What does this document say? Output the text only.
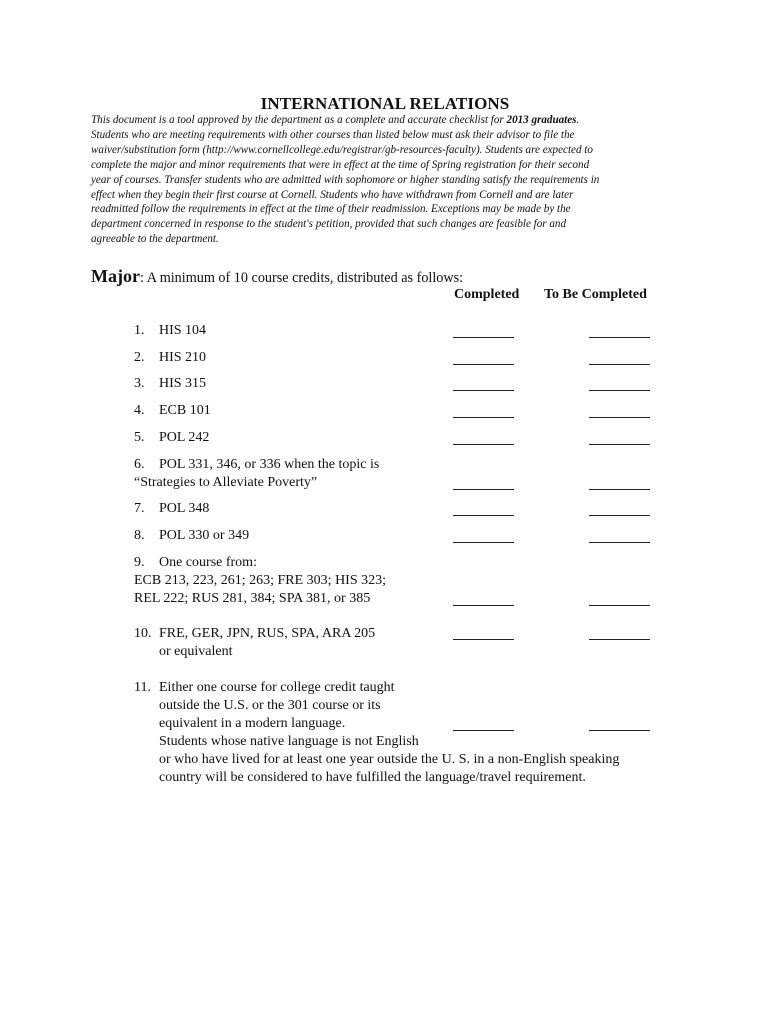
INTERNATIONAL RELATIONS
This document is a tool approved by the department as a complete and accurate checklist for 2013 graduates.
Students who are meeting requirements with other courses than listed below must ask their advisor to file the
waiver/substitution form (http://www.cornellcollege.edu/registrar/gb-resources-faculty). Students are expected to
complete the major and minor requirements that were in effect at the time of Spring registration for their second
year of courses. Transfer students who are admitted with sophomore or higher standing satisfy the requirements in
effect when they begin their first course at Cornell. Students who have withdrawn from Cornell and are later
readmitted follow the requirements in effect at the time of their readmission. Exceptions may be made by the
department concerned in response to the student's petition, provided that such changes are feasible for and
agreeable to the department.
Major: A minimum of 10 course credits, distributed as follows:
Completed To Be Completed
1. HIS 104
2. HIS 210
3. HIS 315
4. ECB 101
5. POL 242
6. POL 331, 346, or 336 when the topic is
“Strategies to Alleviate Poverty”
7. POL 348
8. POL 330 or 349
9. One course from:
ECB 213, 223, 261; 263; FRE 303; HIS 323;
REL 222; RUS 281, 384; SPA 381, or 385
10. FRE, GER, JPN, RUS, SPA, ARA 205
or equivalent
11. Either one course for college credit taught
outside the U.S. or the 301 course or its
equivalent in a modern language.
Students whose native language is not English
or who have lived for at least one year outside the U. S. in a non-English speaking
country will be considered to have fulfilled the language/travel requirement.
